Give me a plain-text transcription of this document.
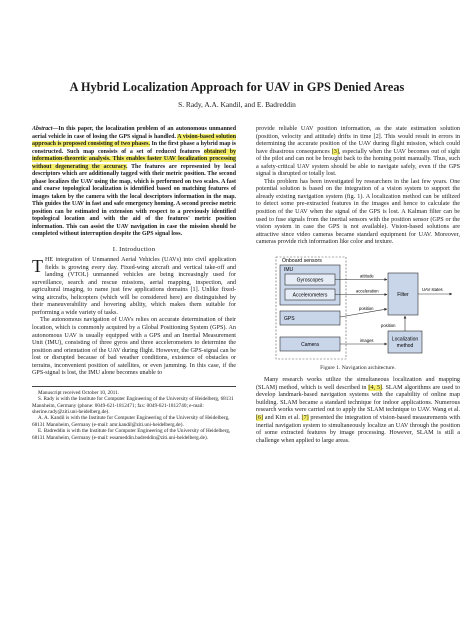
A Hybrid Localization Approach for UAV in GPS Denied Areas
S. Rady, A.A. Kandil, and E. Badreddin
Abstract—In this paper, the localization problem of an autonomous unmanned aerial vehicle in case of losing the GPS signal is handled. A vision-based solution approach is proposed consisting of two phases. In the first phase a hybrid map is constructed. Such map consists of a set of reduced features obtained by information-theoretic analysis. This enables faster UAV localization processing without degenerating the accuracy. The features are represented by local descriptors which are additionally tagged with their metric position. The second phase localizes the UAV using the map, which is performed on two scales. A fast and coarse topological localization is identified based on matching features of images taken by the camera with the local descriptors information in the map. This guides the UAV in fast and safe emergency homing. A second precise metric position can be estimated in extension with respect to a previously identified topological location and with the aid of the features' metric position information. This can assist the UAV navigation in case the mission should be completed without interruption despite the GPS signal loss.
I. Introduction
THE integration of Unmanned Aerial Vehicles (UAVs) into civil application fields is growing every day. Fixed-wing aircraft and vertical take-off and landing (VTOL) unmanned vehicles are being increasingly used for surveillance, search and rescue missions, aerial mapping, inspection, and agricultural imaging, to name just few applications domains [1]. Unlike fixed-wing aircrafts, helicopters (which will be considered here) are distinguished by their maneuverability and hovering ability, which makes them suitable for performing a wide variety of tasks.
The autonomous navigation of UAVs relies on accurate determination of their location, which is commonly acquired by a Global Positioning System (GPS). An autonomous UAV is usually equipped with a GPS and an Inertial Measurement Unit (IMU), consisting of three gyros and three accelerometers to determine the position and orientation of the UAV during flight. However, the GPS-signal can be lost or disrupted because of bad weather conditions, existence of obstacles or terrains, inconvenient position of satellites, or even jamming. In this case, if the GPS-signal is lost, the IMU alone becomes unable to

Manuscript received October 10, 2011.

S. Rady is with the Institute for Computer Engineering of the University of Heidelberg, 68131 Mannheim, Germany (phone: 0049-621-1812471; fax: 0049-621-1812740; e-mail: sherine.rady@ziti.uni-heidelberg.de).

A. A. Kandil is with the Institute for Computer Engineering of the University of Heidelberg, 68131 Mannheim, Germany (e-mail: amr.kandil@ziti.uni-heidelberg.de).

E. Badreddin is with the Institute for Computer Engineering of the University of Heidelberg, 68131 Mannheim, Germany (e-mail: essameddin.badreddin@ziti.uni-heidelberg.de).

provide reliable UAV position information, as the state estimation solution (position, velocity and attitude) drifts in time [2]. This would result in errors in determining the accurate position of the UAV during flight mission, which could have disastrous consequences [3], especially when the UAV becomes out of sight of the pilot and can not be brought back to the homing point manually. Thus, such a safety-critical UAV system should be able to navigate safely, even if the GPS signal is disrupted or totally lost.
This problem has been investigated by researchers in the last few years. One potential solution is based on the integration of a vision system to support the already existing navigation system (fig. 1). A localization method can be utilized to detect some pre-extracted features in the images and hence to calculate the position of the UAV when the signal of the GPS is lost. A Kalman filter can be used to fuse signals from the inertial sensors with the position sensor (GPS or the vision system in case the GPS is not available). Vision-based solutions are attractive since video cameras became standard equipment for UAV. Moreover, cameras provide rich information like color and texture.
Onboard sensors
IMU
Gyroscopes
Accelerometers
GPS
Camera
Filter
Localization
method
attitude
acceleration
position
images
position
UAV states
Figure 1. Navigation architecture.
Many research works utilize the simultaneous localization and mapping (SLAM) method, which is well described in [4, 5]. SLAM algorithms are used to develop landmark-based navigation systems with the capability of online map building. SLAM became a standard technique for indoor applications. Numerous research works were carried out to apply the SLAM technique to UAV. Wang et al. [6] and Kim et al. [7] presented the integration of vision-based measurements with inertial navigation system to simultaneously localize an UAV through the position of some extracted features by image processing. However, SLAM is still a challenge when applied to large areas.
